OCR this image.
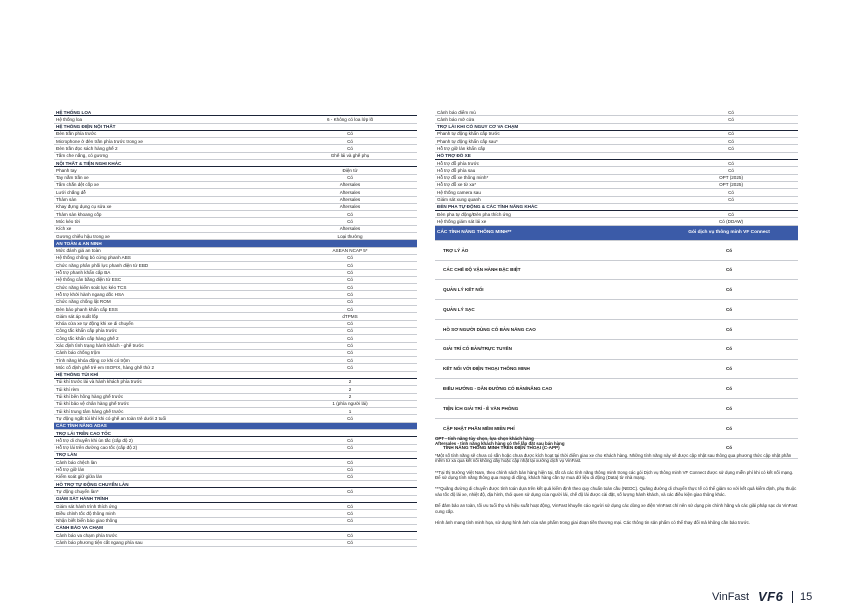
HỆ THỐNG LOA	
Hệ thống loa	6 - Không có loa lớp lõ
HỆ THỐNG ĐIỆN NỘI THẤT	
Đèn trần phía trước	Có
Microphone ở đèn trần phía trước trong xe	Có
Đèn trần đọc sách hàng ghế 2	Có
Tấm che nắng, có gương	Ghế lái và ghế phụ
NỘI THẤT & TIỆN NGHI KHÁC	
Phanh tay	Điện tử
Tay nắm trần xe	Có
Tấm chắn dệt cốp xe	Aftersales
Lưới chắng dễ	Aftersales
Thảm sàn	Aftersales
Khay đựng dụng cụ sửa xe	Aftersales
Thảm sàn khoang cốp	Có
Móc kéo tời	Có
Kích xe	Aftersales
Gương chiếu hậu trong xe	Loại thường
AN TOÀN & AN NINH	
Mức đánh giá an toàn	ASEAN NCAP 5*
Hệ thống chống bó cứng phanh ABS	Có
Chức năng phân phối lực phanh điện tử EBD	Có
Hỗ trợ phanh khẩn cấp BA	Có
Hệ thống cân bằng điện tử ESC	Có
Chức năng kiểm soát lực kéo TCS	Có
Hỗ trợ khởi hành ngang dốc HSA	Có
Chức năng chống lật ROM	Có
Đèn báo phanh khẩn cấp ESS	Có
Giám sát áp suất lốp	dTPMS
Khóa cửa xe tự động khi xe di chuyển	Có
Công tắc khẩn cấp phía trước	Có
Công tắc khẩn cấp hàng ghế 2	Có
Xác định tình trạng hành khách - ghế trước	Có
Cảnh báo chống trộm	Có
Tính năng khóa động cơ khi có trộm	Có
Móc cố định ghế trẻ em ISOFIX, hàng ghế thứ 2	Có
HỆ THỐNG TÚI KHÍ	
Túi khí trước lái và hành khách phía trước	2
Túi khí rèm	2
Túi khí bên hông hàng ghế trước	2
Túi khí bảo vệ chân hàng ghế trước	1 (phía người lái)
Túi khí trung tâm hàng ghế trước	1
Tự động ngắt túi khí khi có ghế an toàn trẻ dưới 3 tuổi	Có
CÁC TÍNH NĂNG ADAS	
TRỢ LÁI TRÊN CAO TỐC	
Hỗ trợ di chuyển khi ùn tắc (cấp độ 2)	Có
Hỗ trợ lái trên đường cao tốc (cấp độ 2)	Có
TRỢ LÀN	
Cảnh báo chệch làn	Có
Hỗ trợ giữ làn	Có
Kiểm soát giữ giữa làn	Có
HỖ TRỢ TỰ ĐỘNG CHUYỂN LÀN	
Tự động chuyển làn*	Có
GIÁM SÁT HÀNH TRÌNH	
Giám sát hành trình thích ứng	Có
Điều chỉnh tốc độ thông minh	Có
Nhận biết biển báo giao thông	Có
CẢNH BÁO VA CHẠM	
Cảnh báo va chạm phía trước	Có
Cảnh báo phương tiện cắt ngang phía sau	Có
Cảnh báo điểm mù	Có
Cảnh báo mở cửa	Có
TRỢ LÁI KHI CÓ NGUY CƠ VA CHẠM	
Phanh tự động khẩn cấp trước	Có
Phanh tự động khẩn cấp sau*	Có
Hỗ trợ giữ làn khẩn cấp	Có
HỖ TRỢ ĐỖ XE	
Hỗ trợ đỗ phía trước	Có
Hỗ trợ đỗ phía sau	Có
Hỗ trợ đỗ xe thông minh*	OPT (2025)
Hỗ trợ đỗ xe từ xa*	OPT (2025)
Hệ thống camera sau	Có
Giám sát xung quanh	Có
ĐÈN PHA TỰ ĐỘNG & CÁC TÍNH NĂNG KHÁC	
Đèn pha tự động/Đèn pha thích ứng	Có
Hệ thống giám sát lái xe	Có (DDAW)
CÁC TÍNH NĂNG THÔNG MINH**	Gói dịch vụ thông minh VF Connect
TRỢ LÝ ẢO	Có
CÁC CHẾ ĐỘ VẬN HÀNH ĐẶC BIỆT	Có
QUẢN LÝ KẾT NỐI	Có
QUẢN LÝ SẠC	Có
HỒ SƠ NGƯỜI DÙNG CÓ BẢN NĂNG CAO	Có
GIẢI TRÍ CÓ BẢN/TRỰC TUYẾN	Có
KẾT NỐI VỚI ĐIỆN THOẠI THÔNG MINH	Có
ĐIỀU HƯỚNG - DẪN ĐƯỜNG CÓ BẢN/NÂNG CAO	Có
TIỆN ÍCH GIẢI TRÍ - Ê VĂN PHÒNG	Có
CẬP NHẬT PHẦN MỀM MIỄN PHÍ	Có
TÍNH NĂNG THÔNG MINH TRÊN ĐIỆN THOẠI (C-APP)	Có

OPT - tính năng tùy chọn, lựa chọn khách hàng

Aftersales - tính năng khách hàng có thể lắp đặt sau bán hàng

*Một số tính năng sẽ chưa có sẵn hoặc chưa được kích hoạt tại thời điểm giao xe cho Khách hàng. Những tính năng này sẽ được cập nhật sau thông qua phương thức cập nhật phần mềm từ xa qua kết nối không dây hoặc cập nhật tại xưởng dịch vụ VinFast.

**Tại thị trường Việt Nam, theo chính sách bán hàng hiện tại, tất cả các tính năng thông minh trong các gói Dịch vụ thông minh VF Connect được sử dụng miễn phí khi có kết nối mạng. Để sử dụng tính năng thông qua mạng di động, khách hàng cần tự mua dữ liệu di động (Data) từ nhà mạng.

***Quãng đường di chuyển được tính toán dựa trên kết quả kiểm định theo quy chuẩn toàn cầu (NEDC). Quãng đường di chuyển thực tế có thể giảm so với kết quả kiểm định, phụ thuộc vào tốc độ lái xe, nhiệt độ, địa hình, thói quen sử dụng của người lái, chế độ lái được cài đặt, số lượng hành khách, và các điều kiện giao thông khác.

Để đảm bảo an toàn, tối ưu tuổi thọ và hiệu suất hoạt động, VinFast khuyến cáo người sử dụng các dòng xe điện VinFast chỉ nên sử dụng pin chính hãng và các giải pháp sạc do VinFast cung cấp.

Hình ảnh mang tính minh họa, sử dụng hình ảnh của sản phẩm trong giai đoạn tiền thương mại. Các thông tin sản phẩm có thể thay đổi mà không cần báo trước.

VinFast VF6 15
